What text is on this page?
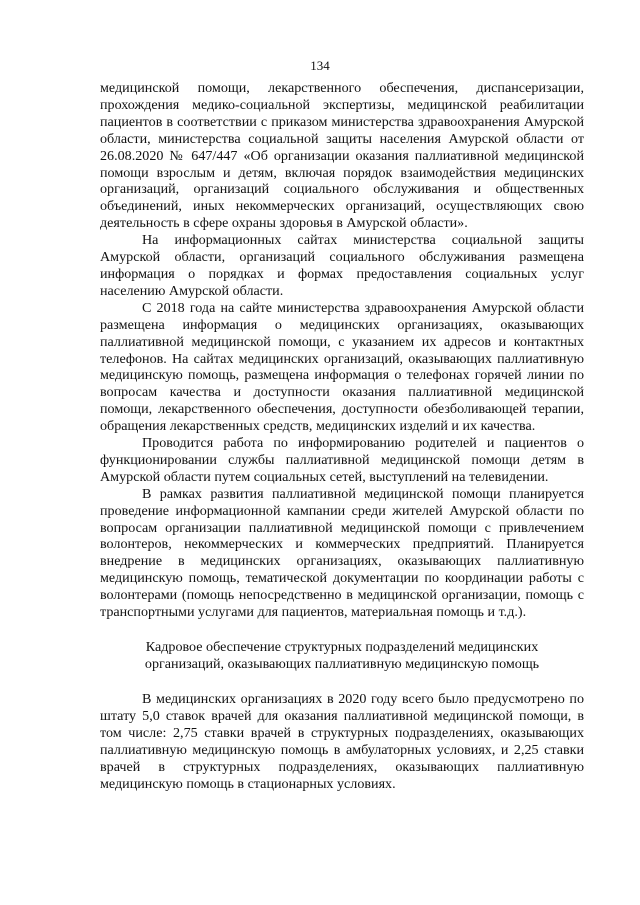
134

медицинской помощи, лекарственного обеспечения, диспансеризации, прохождения медико-социальной экспертизы, медицинской реабилитации пациентов в соответствии с приказом министерства здравоохранения Амурской области, министерства социальной защиты населения Амурской области от 26.08.2020 № 647/447 «Об организации оказания паллиативной медицинской помощи взрослым и детям, включая порядок взаимодействия медицинских организаций, организаций социального обслуживания и общественных объединений, иных некоммерческих организаций, осуществляющих свою деятельность в сфере охраны здоровья в Амурской области».

На информационных сайтах министерства социальной защиты Амурской области, организаций социального обслуживания размещена информация о порядках и формах предоставления социальных услуг населению Амурской области.

С 2018 года на сайте министерства здравоохранения Амурской области размещена информация о медицинских организациях, оказывающих паллиативной медицинской помощи, с указанием их адресов и контактных телефонов. На сайтах медицинских организаций, оказывающих паллиативную медицинскую помощь, размещена информация о телефонах горячей линии по вопросам качества и доступности оказания паллиативной медицинской помощи, лекарственного обеспечения, доступности обезболивающей терапии, обращения лекарственных средств, медицинских изделий и их качества.

Проводится работа по информированию родителей и пациентов о функционировании службы паллиативной медицинской помощи детям в Амурской области путем социальных сетей, выступлений на телевидении.

В рамках развития паллиативной медицинской помощи планируется проведение информационной кампании среди жителей Амурской области по вопросам организации паллиативной медицинской помощи с привлечением волонтеров, некоммерческих и коммерческих предприятий. Планируется внедрение в медицинских организациях, оказывающих паллиативную медицинскую помощь, тематической документации по координации работы с волонтерами (помощь непосредственно в медицинской организации, помощь с транспортными услугами для пациентов, материальная помощь и т.д.).

Кадровое обеспечение структурных подразделений медицинских организаций, оказывающих паллиативную медицинскую помощь

В медицинских организациях в 2020 году всего было предусмотрено по штату 5,0 ставок врачей для оказания паллиативной медицинской помощи, в том числе: 2,75 ставки врачей в структурных подразделениях, оказывающих паллиативную медицинскую помощь в амбулаторных условиях, и 2,25 ставки врачей в структурных подразделениях, оказывающих паллиативную медицинскую помощь в стационарных условиях.
